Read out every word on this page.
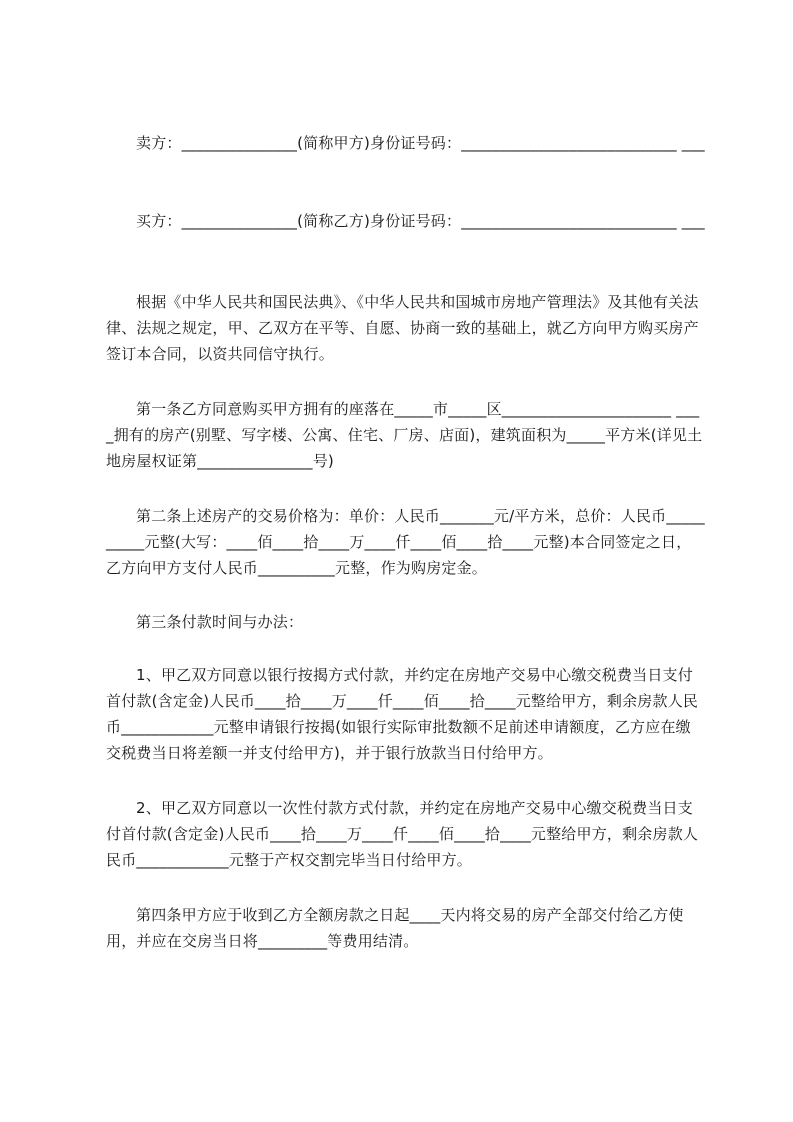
卖方：_______________(简称甲方)身份证号码：____________________________ ___

买方：_______________(简称乙方)身份证号码：____________________________ ___

根据《中华人民共和国民法典》、《中华人民共和国城市房地产管理法》及其他有关法律、法规之规定，甲、乙双方在平等、自愿、协商一致的基础上，就乙方向甲方购买房产签订本合同，以资共同信守执行。

第一条乙方同意购买甲方拥有的座落在_____市_____区______________________ ____拥有的房产(别墅、写字楼、公寓、住宅、厂房、店面)，建筑面积为_____平方米(详见土地房屋权证第_______________号)

第二条上述房产的交易价格为：单价：人民币_______元/平方米，总价：人民币__________元整(大写：____佰____拾____万____仟____佰____拾____元整)本合同签定之日，乙方向甲方支付人民币__________元整，作为购房定金。

第三条付款时间与办法：

1、甲乙双方同意以银行按揭方式付款，并约定在房地产交易中心缴交税费当日支付首付款(含定金)人民币____拾____万____仟____佰____拾____元整给甲方，剩余房款人民币____________元整申请银行按揭(如银行实际审批数额不足前述申请额度，乙方应在缴交税费当日将差额一并支付给甲方)，并于银行放款当日付给甲方。

2、甲乙双方同意以一次性付款方式付款，并约定在房地产交易中心缴交税费当日支付首付款(含定金)人民币____拾____万____仟____佰____拾____元整给甲方，剩余房款人民币____________元整于产权交割完毕当日付给甲方。

第四条甲方应于收到乙方全额房款之日起____天内将交易的房产全部交付给乙方使用，并应在交房当日将_________等费用结清。
